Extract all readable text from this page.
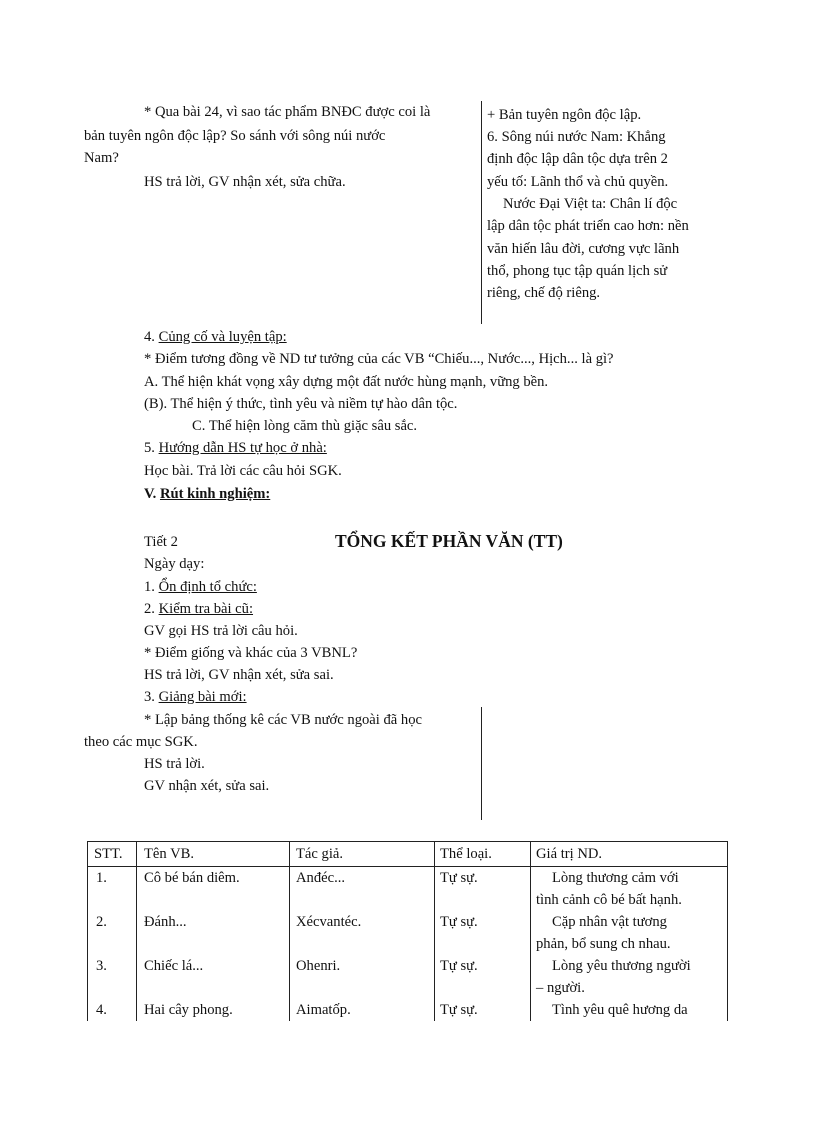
* Qua bài 24, vì sao tác phẩm BNĐC được coi là
bản tuyên ngôn độc lập? So sánh với sông núi nước
Nam?
HS trả lời, GV nhận xét, sửa chữa.
+ Bản tuyên ngôn độc lập.
6. Sông núi nước Nam: Khẳng
định độc lập dân tộc dựa trên 2
yếu tố: Lãnh thổ và chủ quyền.
Nước Đại Việt ta: Chân lí độc
lập dân tộc phát triển cao hơn: nền
văn hiến lâu đời, cương vực lãnh
thổ, phong tục tập quán lịch sử
riêng, chế độ riêng.
4. Củng cố và luyện tập:
* Điểm tương đồng về ND tư tưởng của các VB “Chiếu..., Nước..., Hịch... là gì?
A. Thể hiện khát vọng xây dựng một đất nước hùng mạnh, vững bền.
(B). Thể hiện ý thức, tình yêu và niềm tự hào dân tộc.
C. Thể hiện lòng căm thù giặc sâu sắc.
5. Hướng dẫn HS tự học ở nhà:
Học bài. Trả lời các câu hỏi SGK.
V. Rút kinh nghiệm:
Tiết 2	TỔNG KẾT PHẦN VĂN (TT)
Ngày dạy:
1. Ổn định tổ chức:
2. Kiểm tra bài cũ:
GV gọi HS trả lời câu hỏi.
* Điểm giống và khác của 3 VBNL?
HS trả lời, GV nhận xét, sửa sai.
3. Giảng bài mới:
* Lập bảng thống kê các VB nước ngoài đã học
theo các mục SGK.
HS trả lời.
GV nhận xét, sửa sai.
STT. Tên VB.	Tác giả.	Thể loại.	Giá trị ND.
1.	Cô bé bán diêm.	Anđéc...	Tự sự.	Lòng thương cảm với
tình cảnh cô bé bất hạnh.
2.	Đánh...	Xécvantéc.	Tự sự.	Cặp nhân vật tương
phản, bổ sung ch nhau.
3.	Chiếc lá...	Ohenri.	Tự sự.	Lòng yêu thương người
– người.
4.	Hai cây phong.	Aimatốp.	Tự sự.	Tình yêu quê hương da
